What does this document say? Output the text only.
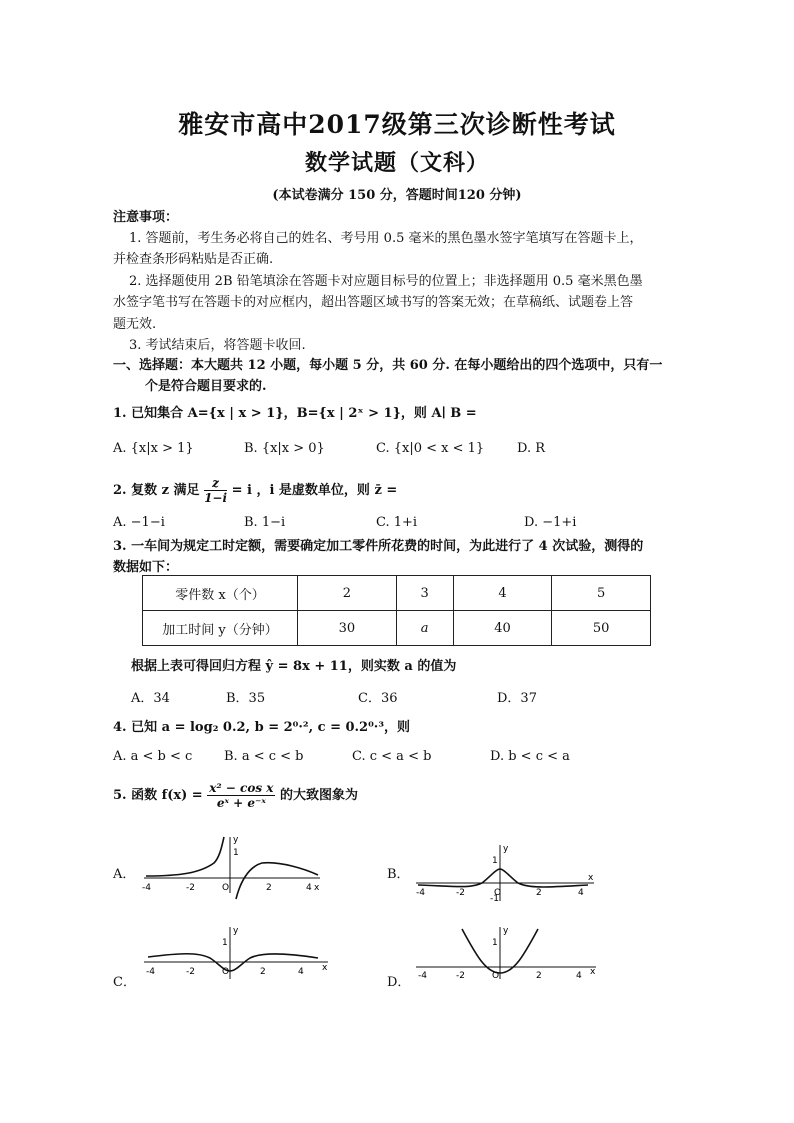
雅安市高中2017级第三次诊断性考试
数学试题（文科）
(本试卷满分 150 分，答题时间120 分钟)
注意事项：
1. 答题前，考生务必将自己的姓名、考号用 0.5 毫米的黑色墨水签字笔填写在答题卡上，
并检查条形码粘贴是否正确.
2. 选择题使用 2B 铅笔填涂在答题卡对应题目标号的位置上；非选择题用 0.5 毫米黑色墨
水签字笔书写在答题卡的对应框内，超出答题区域书写的答案无效；在草稿纸、试题卷上答
题无效.
3. 考试结束后，将答题卡收回.
一、选择题：本大题共 12 小题，每小题 5 分，共 60 分. 在每小题给出的四个选项中，只有一
个是符合题目要求的.
1. 已知集合 A={x | x > 1}，B={x | 2ˣ > 1}，则 A∣ B =
A. {x|x > 1}	B. {x|x > 0}	C. {x|0 < x < 1}	D. R
2. 复数 z 满足 $\frac{z}{1-i} = i$ ，i 是虚数单位，则 z̄ =
A. −1−i	B. 1−i	C. 1+i	D. −1+i
3. 一车间为规定工时定额，需要确定加工零件所花费的时间，为此进行了 4 次试验，测得的
数据如下：
零件数 x（个）	2	3	4	5
加工时间 y（分钟）	30	a	40	50
根据上表可得回归方程 ŷ = 8x + 11，则实数 a 的值为
A．34	B．35	C．36	D．37
4. 已知 a = log₂ 0.2, b = 2⁰·², c = 0.2⁰·³，则
A. a < b < c B. a < c < b	C. c < a < b	D. b < c < a
5. 函数 $f(x) = \frac{\text{x² − cos x}}{\text{eˣ + e⁻ˣ}}$ 的大致图象为
A．	B．
C．	D．
-4	-2	O	2	4
1
x
y
-4	-2	O	2	4
1
-1
x
y
-4	-2	O	2	4
1
x
y
-4	-2	O	2	4
1
x
y
